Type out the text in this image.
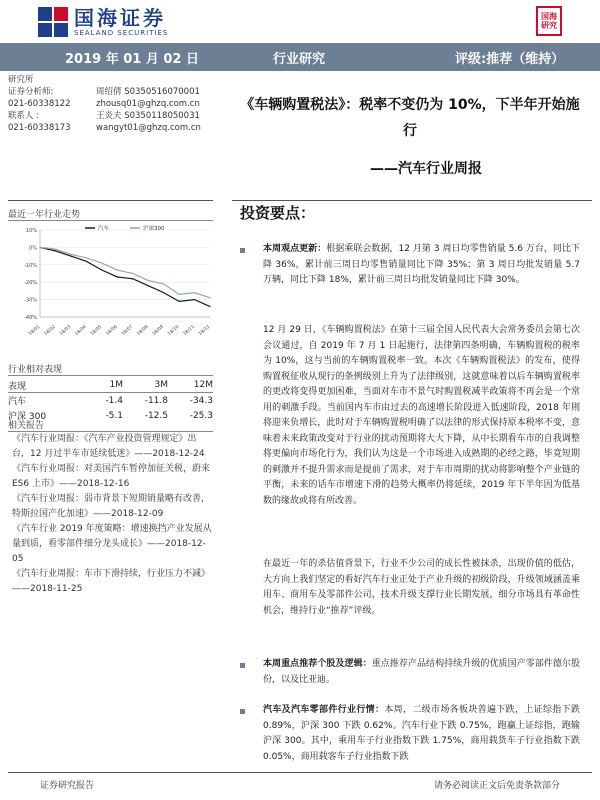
国海证券
SEALAND SECURITIES
国海
研究
2019 年 01 月 02 日	行业研究	评级:推荐（维持）
研究所
证券分析师:	周绍倩 S0350516070001
021-60338122	zhousq01@ghzq.com.cn
联系人 :	王炎夫 S0350118050031
021-60338173	wangyt01@ghzq.com.cn
《车辆购置税法》：税率不变仍为 10%，下半年开始施行
——汽车行业周报
最近一年行业走势
10%
0%
-10%
-20%
-30%
-40%
18/01 18/02 18/03 18/04 18/05 18/06 18/07 18/08 18/09 18/10 18/11 18/12
汽车	沪深300
行业相对表现
表现	1M	3M	12M
汽车	-1.4	-11.8	-34.3
沪深 300	-5.1	-12.5	-25.3
相关报告

《汽车行业周报：《汽车产业投资管理规定》出台，12 月过半车市延续低迷》——2018-12-24

《汽车行业周报：对美国汽车暂停加征关税，蔚来 ES6 上市》——2018-12-16

《汽车行业周报：弱市背景下短期销量略有改善，特斯拉国产化加速》——2018-12-09

《汽车行业 2019 年度策略：增速换挡产业发展从量到质，看零部件细分龙头成长》——2018-12-05

《汽车行业周报：车市下滑持续，行业压力不减》——2018-11-25

投资要点：
本周观点更新：根据乘联会数据，12 月第 3 周日均零售销量 5.6 万台，同比下降 36%，累计前三周日均零售销量同比下降 35%；第 3 周日均批发销量 5.7 万辆，同比下降 18%，累计前三周日均批发销量同比下降 30%。
12 月 29 日，《车辆购置税法》在第十三届全国人民代表大会常务委员会第七次会议通过，自 2019 年 7 月 1 日起施行，法律第四条明确，车辆购置税的税率为 10%，这与当前的车辆购置税率一致。本次《车辆购置税法》的发布，使得购置税征收从现行的条例级别上升为了法律级别，这就意味着以后车辆购置税率的更改将变得更加困难，当面对车市不景气时购置税减半政策将不再会是一个常用的刺激手段。当前国内车市由过去的高速增长阶段进入低速阶段，2018 年則将迎来负增长，此时对于车辆购置税明确了以法律的形式保持原本税率不变，意味着未来政策改变对于行业的扰动预期将大大下降，从中长期看车市的自我调整将更偏向市场化行为，我们认为这是一个市场进入成熟期的必经之路，毕竟短期的刺激并不提升需求而是提前了需求，对于车市周期的扰动将影响整个产业链的平衡，未来的话车市增速下滑的趋势大概率仍将延续，2019 年下半年因为低基数的缘故或将有所改善。
在最近一年的杀估值背景下，行业不少公司的成长性被抹杀，出现价值的低估，大方向上我们坚定的看好汽车行业正处于产业升级的初级阶段，升级领域涵盖乘用车、商用车及零部件公司，技术升级支撑行业长期发展，细分市场具有革命性机会，维持行业“推荐”评级。
本周重点推荐个股及逻辑：重点推荐产品结构持续升级的优质国产零部件德尔股份，以及比亚迪。
汽车及汽车零部件行业行情：本周，二级市场各板块普遍下跌，上证综指下跌 0.89%，沪深 300 下跌 0.62%。汽车行业下跌 0.75%，跑赢上证综指，跑输沪深 300。其中，乘用车子行业指数下跌 1.75%，商用载货车子行业指数下跌 0.05%，商用载客车子行业指数下跌
证券研究报告	请务必阅读正文后免责条款部分
